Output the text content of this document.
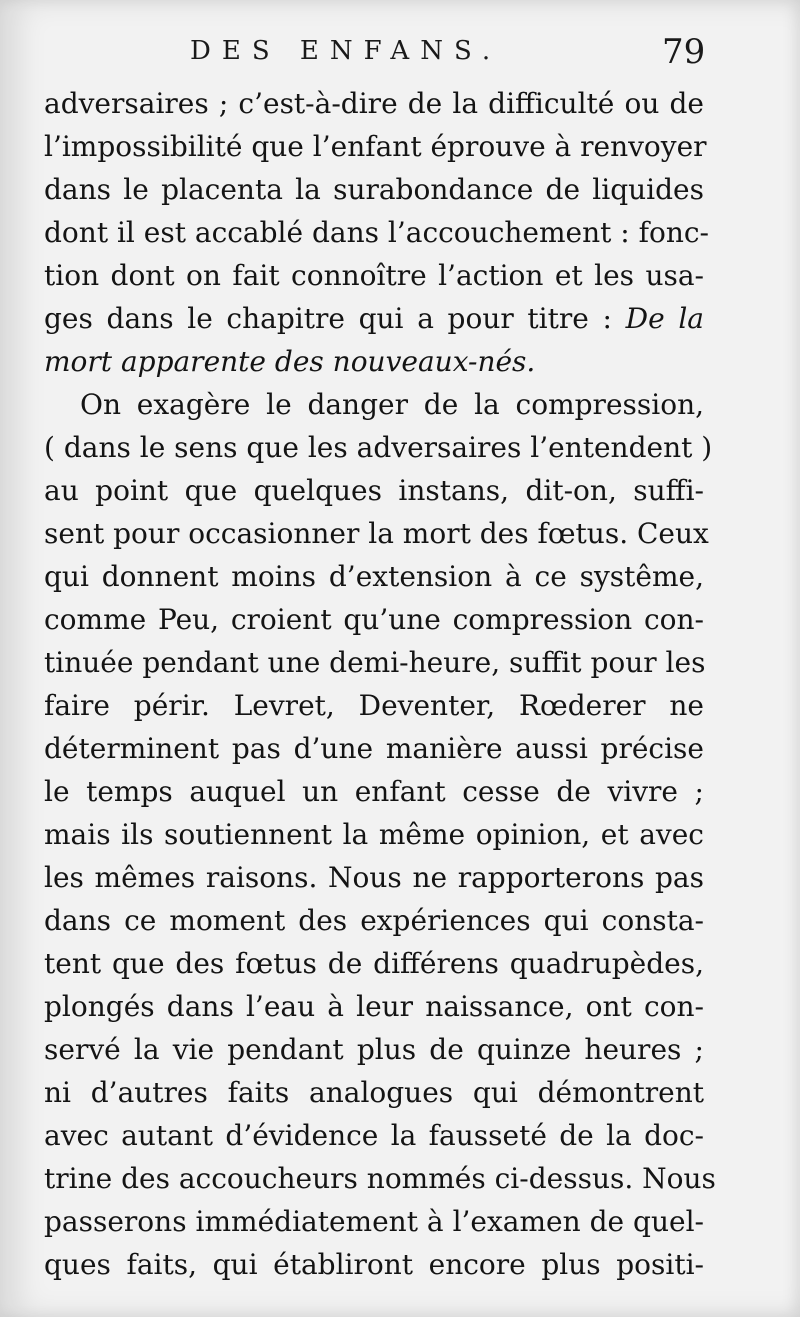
DES ENFANS.	79
adversaires ; c’est-à-dire de la difficulté ou de
l’impossibilité que l’enfant éprouve à renvoyer
dans le placenta la surabondance de liquides
dont il est accablé dans l’accouchement : fonc-
tion dont on fait connoître l’action et les usa-
ges dans le chapitre qui a pour titre : De la
mort apparente des nouveaux-nés.
On exagère le danger de la compression,
( dans le sens que les adversaires l’entendent )
au point que quelques instans, dit-on, suffi-
sent pour occasionner la mort des fœtus. Ceux
qui donnent moins d’extension à ce systême,
comme Peu, croient qu’une compression con-
tinuée pendant une demi-heure, suffit pour les
faire périr. Levret, Deventer, Rœderer ne
déterminent pas d’une manière aussi précise
le temps auquel un enfant cesse de vivre ;
mais ils soutiennent la même opinion, et avec
les mêmes raisons. Nous ne rapporterons pas
dans ce moment des expériences qui consta-
tent que des fœtus de différens quadrupèdes,
plongés dans l’eau à leur naissance, ont con-
servé la vie pendant plus de quinze heures ;
ni d’autres faits analogues qui démontrent
avec autant d’évidence la fausseté de la doc-
trine des accoucheurs nommés ci-dessus. Nous
passerons immédiatement à l’examen de quel-
ques faits, qui établiront encore plus positi-
